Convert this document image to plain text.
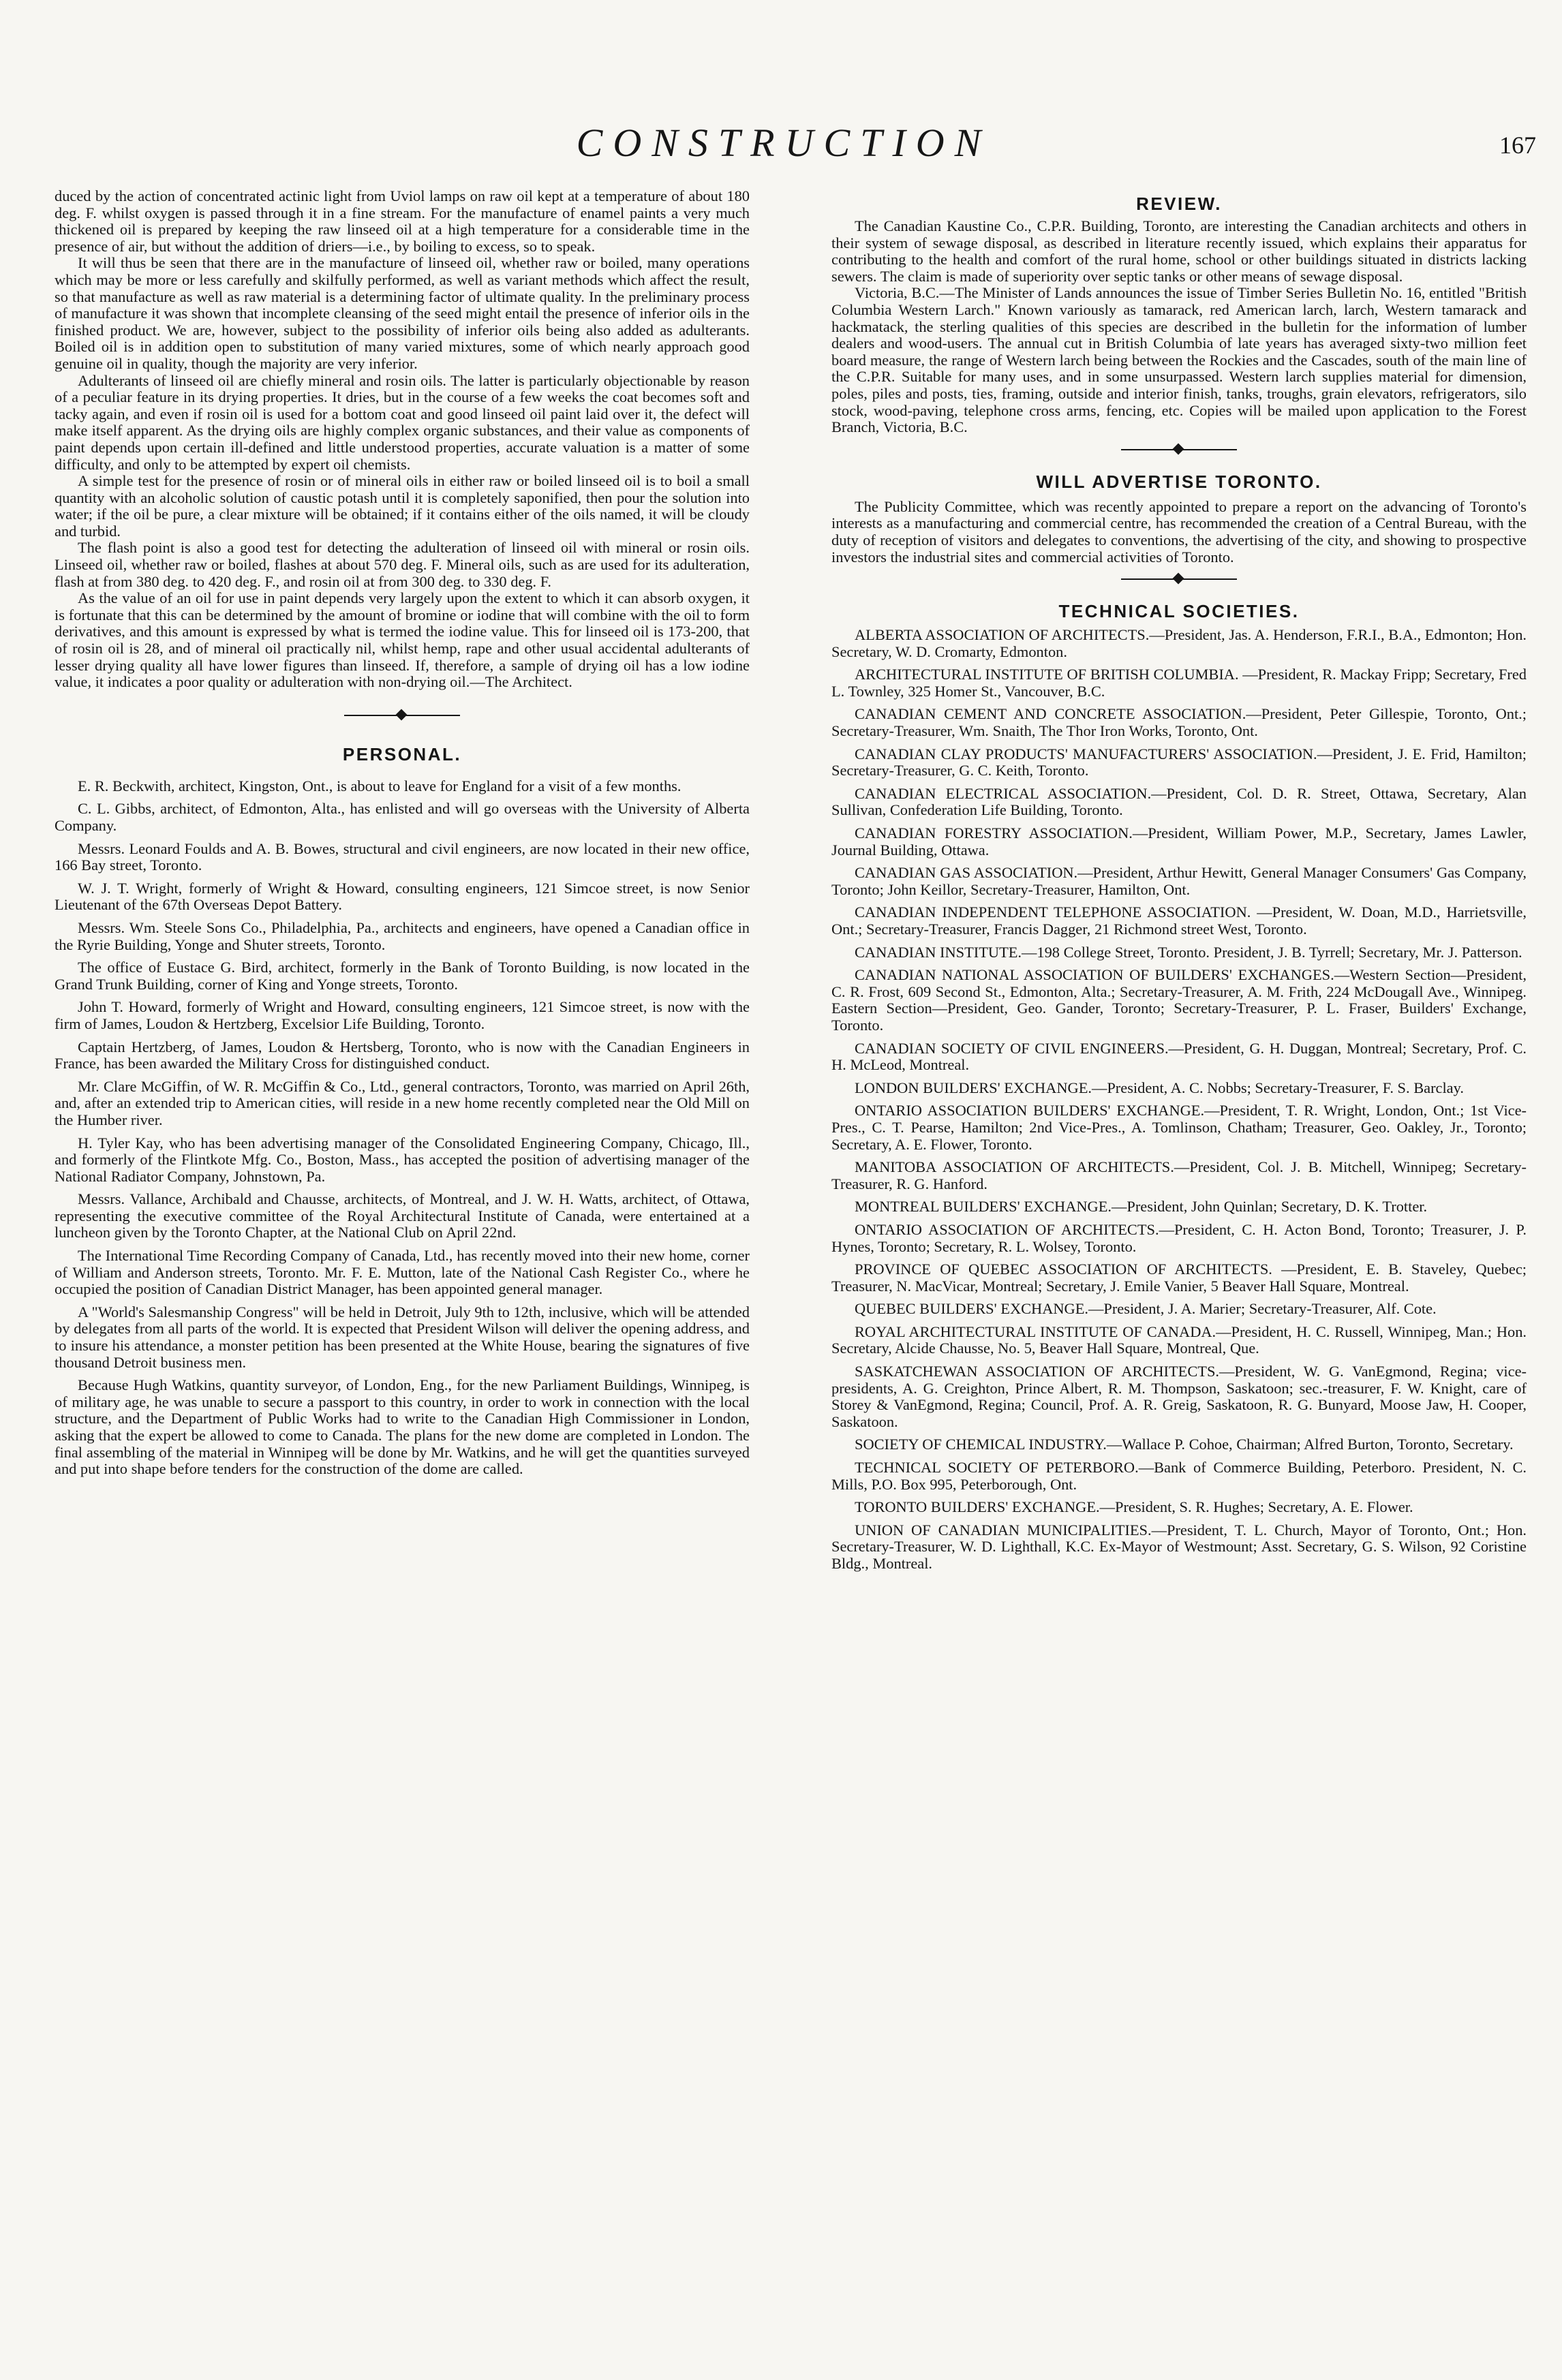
CONSTRUCTION	167

duced by the action of concentrated actinic light from Uviol lamps on raw oil kept at a temperature of about 180 deg. F. whilst oxygen is passed through it in a fine stream. For the manufacture of enamel paints a very much thickened oil is prepared by keeping the raw linseed oil at a high temperature for a considerable time in the presence of air, but without the addition of driers—i.e., by boiling to excess, so to speak.

It will thus be seen that there are in the manufacture of linseed oil, whether raw or boiled, many operations which may be more or less carefully and skilfully performed, as well as variant methods which affect the result, so that manufacture as well as raw material is a determining factor of ultimate quality. In the preliminary process of manufacture it was shown that incomplete cleansing of the seed might entail the presence of inferior oils in the finished product. We are, however, subject to the possibility of inferior oils being also added as adulterants. Boiled oil is in addition open to substitution of many varied mixtures, some of which nearly approach good genuine oil in quality, though the majority are very inferior.

Adulterants of linseed oil are chiefly mineral and rosin oils. The latter is particularly objectionable by reason of a peculiar feature in its drying properties. It dries, but in the course of a few weeks the coat becomes soft and tacky again, and even if rosin oil is used for a bottom coat and good linseed oil paint laid over it, the defect will make itself apparent. As the drying oils are highly complex organic substances, and their value as components of paint depends upon certain ill-defined and little understood properties, accurate valuation is a matter of some difficulty, and only to be attempted by expert oil chemists.

A simple test for the presence of rosin or of mineral oils in either raw or boiled linseed oil is to boil a small quantity with an alcoholic solution of caustic potash until it is completely saponified, then pour the solution into water; if the oil be pure, a clear mixture will be obtained; if it contains either of the oils named, it will be cloudy and turbid.

The flash point is also a good test for detecting the adulteration of linseed oil with mineral or rosin oils. Linseed oil, whether raw or boiled, flashes at about 570 deg. F. Mineral oils, such as are used for its adulteration, flash at from 380 deg. to 420 deg. F., and rosin oil at from 300 deg. to 330 deg. F.

As the value of an oil for use in paint depends very largely upon the extent to which it can absorb oxygen, it is fortunate that this can be determined by the amount of bromine or iodine that will combine with the oil to form derivatives, and this amount is expressed by what is termed the iodine value. This for linseed oil is 173-200, that of rosin oil is 28, and of mineral oil practically nil, whilst hemp, rape and other usual accidental adulterants of lesser drying quality all have lower figures than linseed. If, therefore, a sample of drying oil has a low iodine value, it indicates a poor quality or adulteration with non-drying oil.—The Architect.

PERSONAL.

E. R. Beckwith, architect, Kingston, Ont., is about to leave for England for a visit of a few months.

C. L. Gibbs, architect, of Edmonton, Alta., has enlisted and will go overseas with the University of Alberta Company.

Messrs. Leonard Foulds and A. B. Bowes, structural and civil engineers, are now located in their new office, 166 Bay street, Toronto.

W. J. T. Wright, formerly of Wright & Howard, consulting engineers, 121 Simcoe street, is now Senior Lieutenant of the 67th Overseas Depot Battery.

Messrs. Wm. Steele Sons Co., Philadelphia, Pa., architects and engineers, have opened a Canadian office in the Ryrie Building, Yonge and Shuter streets, Toronto.

The office of Eustace G. Bird, architect, formerly in the Bank of Toronto Building, is now located in the Grand Trunk Building, corner of King and Yonge streets, Toronto.

John T. Howard, formerly of Wright and Howard, consulting engineers, 121 Simcoe street, is now with the firm of James, Loudon & Hertzberg, Excelsior Life Building, Toronto.

Captain Hertzberg, of James, Loudon & Hertsberg, Toronto, who is now with the Canadian Engineers in France, has been awarded the Military Cross for distinguished conduct.

Mr. Clare McGiffin, of W. R. McGiffin & Co., Ltd., general contractors, Toronto, was married on April 26th, and, after an extended trip to American cities, will reside in a new home recently completed near the Old Mill on the Humber river.

H. Tyler Kay, who has been advertising manager of the Consolidated Engineering Company, Chicago, Ill., and formerly of the Flintkote Mfg. Co., Boston, Mass., has accepted the position of advertising manager of the National Radiator Company, Johnstown, Pa.

Messrs. Vallance, Archibald and Chausse, architects, of Montreal, and J. W. H. Watts, architect, of Ottawa, representing the executive committee of the Royal Architectural Institute of Canada, were entertained at a luncheon given by the Toronto Chapter, at the National Club on April 22nd.

The International Time Recording Company of Canada, Ltd., has recently moved into their new home, corner of William and Anderson streets, Toronto. Mr. F. E. Mutton, late of the National Cash Register Co., where he occupied the position of Canadian District Manager, has been appointed general manager.

A "World's Salesmanship Congress" will be held in Detroit, July 9th to 12th, inclusive, which will be attended by delegates from all parts of the world. It is expected that President Wilson will deliver the opening address, and to insure his attendance, a monster petition has been presented at the White House, bearing the signatures of five thousand Detroit business men.

Because Hugh Watkins, quantity surveyor, of London, Eng., for the new Parliament Buildings, Winnipeg, is of military age, he was unable to secure a passport to this country, in order to work in connection with the local structure, and the Department of Public Works had to write to the Canadian High Commissioner in London, asking that the expert be allowed to come to Canada. The plans for the new dome are completed in London. The final assembling of the material in Winnipeg will be done by Mr. Watkins, and he will get the quantities surveyed and put into shape before tenders for the construction of the dome are called.

REVIEW.

The Canadian Kaustine Co., C.P.R. Building, Toronto, are interesting the Canadian architects and others in their system of sewage disposal, as described in literature recently issued, which explains their apparatus for contributing to the health and comfort of the rural home, school or other buildings situated in districts lacking sewers. The claim is made of superiority over septic tanks or other means of sewage disposal.

Victoria, B.C.—The Minister of Lands announces the issue of Timber Series Bulletin No. 16, entitled "British Columbia Western Larch." Known variously as tamarack, red American larch, larch, Western tamarack and hackmatack, the sterling qualities of this species are described in the bulletin for the information of lumber dealers and wood-users. The annual cut in British Columbia of late years has averaged sixty-two million feet board measure, the range of Western larch being between the Rockies and the Cascades, south of the main line of the C.P.R. Suitable for many uses, and in some unsurpassed. Western larch supplies material for dimension, poles, piles and posts, ties, framing, outside and interior finish, tanks, troughs, grain elevators, refrigerators, silo stock, wood-paving, telephone cross arms, fencing, etc. Copies will be mailed upon application to the Forest Branch, Victoria, B.C.

WILL ADVERTISE TORONTO.

The Publicity Committee, which was recently appointed to prepare a report on the advancing of Toronto's interests as a manufacturing and commercial centre, has recommended the creation of a Central Bureau, with the duty of reception of visitors and delegates to conventions, the advertising of the city, and showing to prospective investors the industrial sites and commercial activities of Toronto.

TECHNICAL SOCIETIES.

ALBERTA ASSOCIATION OF ARCHITECTS.—President, Jas. A. Henderson, F.R.I., B.A., Edmonton; Hon. Secretary, W. D. Cromarty, Edmonton.

ARCHITECTURAL INSTITUTE OF BRITISH COLUMBIA. —President, R. Mackay Fripp; Secretary, Fred L. Townley, 325 Homer St., Vancouver, B.C.

CANADIAN CEMENT AND CONCRETE ASSOCIATION.—President, Peter Gillespie, Toronto, Ont.; Secretary-Treasurer, Wm. Snaith, The Thor Iron Works, Toronto, Ont.

CANADIAN CLAY PRODUCTS' MANUFACTURERS' ASSOCIATION.—President, J. E. Frid, Hamilton; Secretary-Treasurer, G. C. Keith, Toronto.

CANADIAN ELECTRICAL ASSOCIATION.—President, Col. D. R. Street, Ottawa, Secretary, Alan Sullivan, Confederation Life Building, Toronto.

CANADIAN FORESTRY ASSOCIATION.—President, William Power, M.P., Secretary, James Lawler, Journal Building, Ottawa.

CANADIAN GAS ASSOCIATION.—President, Arthur Hewitt, General Manager Consumers' Gas Company, Toronto; John Keillor, Secretary-Treasurer, Hamilton, Ont.

CANADIAN INDEPENDENT TELEPHONE ASSOCIATION. —President, W. Doan, M.D., Harrietsville, Ont.; Secretary-Treasurer, Francis Dagger, 21 Richmond street West, Toronto.

CANADIAN INSTITUTE.—198 College Street, Toronto. President, J. B. Tyrrell; Secretary, Mr. J. Patterson.

CANADIAN NATIONAL ASSOCIATION OF BUILDERS' EXCHANGES.—Western Section—President, C. R. Frost, 609 Second St., Edmonton, Alta.; Secretary-Treasurer, A. M. Frith, 224 McDougall Ave., Winnipeg. Eastern Section—President, Geo. Gander, Toronto; Secretary-Treasurer, P. L. Fraser, Builders' Exchange, Toronto.

CANADIAN SOCIETY OF CIVIL ENGINEERS.—President, G. H. Duggan, Montreal; Secretary, Prof. C. H. McLeod, Montreal.

LONDON BUILDERS' EXCHANGE.—President, A. C. Nobbs; Secretary-Treasurer, F. S. Barclay.

ONTARIO ASSOCIATION BUILDERS' EXCHANGE.—President, T. R. Wright, London, Ont.; 1st Vice-Pres., C. T. Pearse, Hamilton; 2nd Vice-Pres., A. Tomlinson, Chatham; Treasurer, Geo. Oakley, Jr., Toronto; Secretary, A. E. Flower, Toronto.

MANITOBA ASSOCIATION OF ARCHITECTS.—President, Col. J. B. Mitchell, Winnipeg; Secretary-Treasurer, R. G. Hanford.

MONTREAL BUILDERS' EXCHANGE.—President, John Quinlan; Secretary, D. K. Trotter.

ONTARIO ASSOCIATION OF ARCHITECTS.—President, C. H. Acton Bond, Toronto; Treasurer, J. P. Hynes, Toronto; Secretary, R. L. Wolsey, Toronto.

PROVINCE OF QUEBEC ASSOCIATION OF ARCHITECTS. —President, E. B. Staveley, Quebec; Treasurer, N. MacVicar, Montreal; Secretary, J. Emile Vanier, 5 Beaver Hall Square, Montreal.

QUEBEC BUILDERS' EXCHANGE.—President, J. A. Marier; Secretary-Treasurer, Alf. Cote.

ROYAL ARCHITECTURAL INSTITUTE OF CANADA.—President, H. C. Russell, Winnipeg, Man.; Hon. Secretary, Alcide Chausse, No. 5, Beaver Hall Square, Montreal, Que.

SASKATCHEWAN ASSOCIATION OF ARCHITECTS.—President, W. G. VanEgmond, Regina; vice-presidents, A. G. Creighton, Prince Albert, R. M. Thompson, Saskatoon; sec.-treasurer, F. W. Knight, care of Storey & VanEgmond, Regina; Council, Prof. A. R. Greig, Saskatoon, R. G. Bunyard, Moose Jaw, H. Cooper, Saskatoon.

SOCIETY OF CHEMICAL INDUSTRY.—Wallace P. Cohoe, Chairman; Alfred Burton, Toronto, Secretary.

TECHNICAL SOCIETY OF PETERBORO.—Bank of Commerce Building, Peterboro. President, N. C. Mills, P.O. Box 995, Peterborough, Ont.

TORONTO BUILDERS' EXCHANGE.—President, S. R. Hughes; Secretary, A. E. Flower.

UNION OF CANADIAN MUNICIPALITIES.—President, T. L. Church, Mayor of Toronto, Ont.; Hon. Secretary-Treasurer, W. D. Lighthall, K.C. Ex-Mayor of Westmount; Asst. Secretary, G. S. Wilson, 92 Coristine Bldg., Montreal.
